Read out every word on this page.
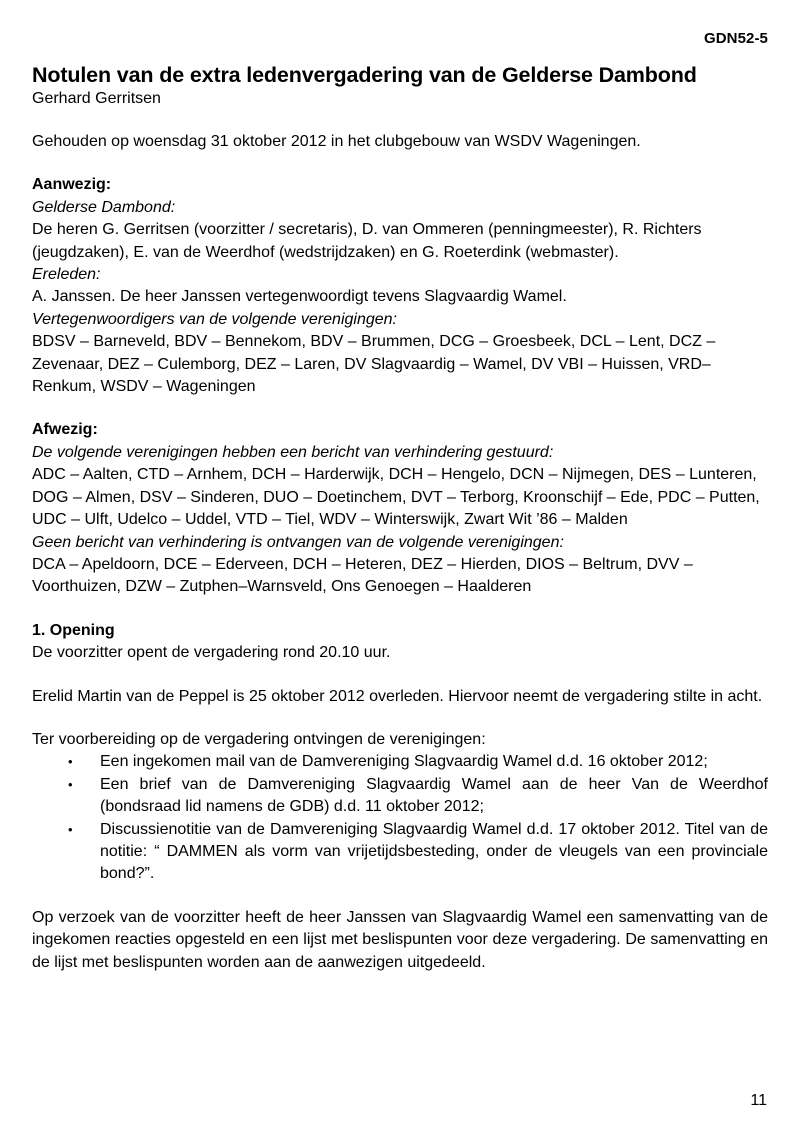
GDN52-5
Notulen van de extra ledenvergadering van de Gelderse Dambond
Gerhard Gerritsen

Gehouden op woensdag 31 oktober 2012 in het clubgebouw van WSDV Wageningen.

Aanwezig:
Gelderse Dambond:

De heren G. Gerritsen (voorzitter / secretaris), D. van Ommeren (penningmeester), R. Richters (jeugdzaken), E. van de Weerdhof (wedstrijdzaken) en G. Roeterdink (webmaster).

Ereleden:

A. Janssen. De heer Janssen vertegenwoordigt tevens Slagvaardig Wamel.

Vertegenwoordigers van de volgende verenigingen:

BDSV – Barneveld, BDV – Bennekom, BDV – Brummen, DCG – Groesbeek, DCL – Lent, DCZ – Zevenaar, DEZ – Culemborg, DEZ – Laren, DV Slagvaardig – Wamel, DV VBI – Huissen, VRD–Renkum, WSDV – Wageningen

Afwezig:
De volgende verenigingen hebben een bericht van verhindering gestuurd:

ADC – Aalten, CTD – Arnhem, DCH – Harderwijk, DCH – Hengelo, DCN – Nijmegen, DES – Lunteren, DOG – Almen, DSV – Sinderen, DUO – Doetinchem, DVT – Terborg, Kroonschijf – Ede, PDC – Putten, UDC – Ulft, Udelco – Uddel, VTD – Tiel, WDV – Winterswijk, Zwart Wit ’86 – Malden

Geen bericht van verhindering is ontvangen van de volgende verenigingen:

DCA – Apeldoorn, DCE – Ederveen, DCH – Heteren, DEZ – Hierden, DIOS – Beltrum, DVV – Voorthuizen, DZW – Zutphen–Warnsveld, Ons Genoegen – Haalderen

1. Opening

De voorzitter opent de vergadering rond 20.10 uur.

Erelid Martin van de Peppel is 25 oktober 2012 overleden. Hiervoor neemt de vergadering stilte in acht.

Ter voorbereiding op de vergadering ontvingen de verenigingen:

• Een ingekomen mail van de Damvereniging Slagvaardig Wamel d.d. 16 oktober 2012;
• Een brief van de Damvereniging Slagvaardig Wamel aan de heer Van de Weerdhof (bondsraad lid namens de GDB) d.d. 11 oktober 2012;
• Discussienotitie van de Damvereniging Slagvaardig Wamel d.d. 17 oktober 2012. Titel van de notitie: “ DAMMEN als vorm van vrijetijdsbesteding, onder de vleugels van een provinciale bond?”.

Op verzoek van de voorzitter heeft de heer Janssen van Slagvaardig Wamel een samenvatting van de ingekomen reacties opgesteld en een lijst met beslispunten voor deze vergadering. De samenvatting en de lijst met beslispunten worden aan de aanwezigen uitgedeeld.

11
